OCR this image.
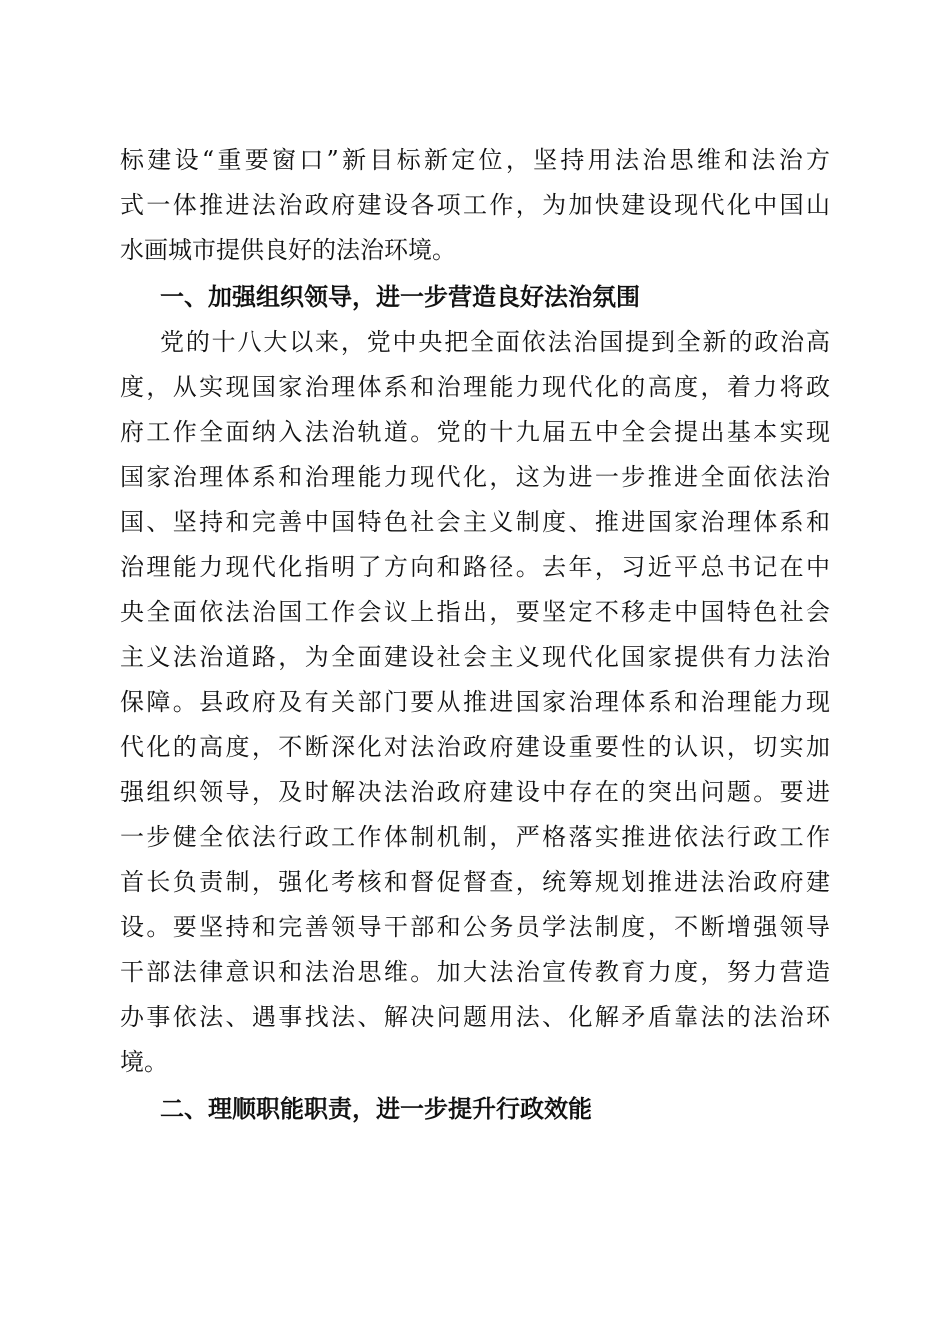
标建设“重要窗口”新目标新定位，坚持用法治思维和法治方
式一体推进法治政府建设各项工作，为加快建设现代化中国山
水画城市提供良好的法治环境。
一、加强组织领导，进一步营造良好法治氛围
党的十八大以来，党中央把全面依法治国提到全新的政治高
度，从实现国家治理体系和治理能力现代化的高度，着力将政
府工作全面纳入法治轨道。党的十九届五中全会提出基本实现
国家治理体系和治理能力现代化，这为进一步推进全面依法治
国、坚持和完善中国特色社会主义制度、推进国家治理体系和
治理能力现代化指明了方向和路径。去年，习近平总书记在中
央全面依法治国工作会议上指出，要坚定不移走中国特色社会
主义法治道路，为全面建设社会主义现代化国家提供有力法治
保障。县政府及有关部门要从推进国家治理体系和治理能力现
代化的高度，不断深化对法治政府建设重要性的认识，切实加
强组织领导，及时解决法治政府建设中存在的突出问题。要进
一步健全依法行政工作体制机制，严格落实推进依法行政工作
首长负责制，强化考核和督促督查，统筹规划推进法治政府建
设。要坚持和完善领导干部和公务员学法制度，不断增强领导
干部法律意识和法治思维。加大法治宣传教育力度，努力营造
办事依法、遇事找法、解决问题用法、化解矛盾靠法的法治环
境。
二、理顺职能职责，进一步提升行政效能
